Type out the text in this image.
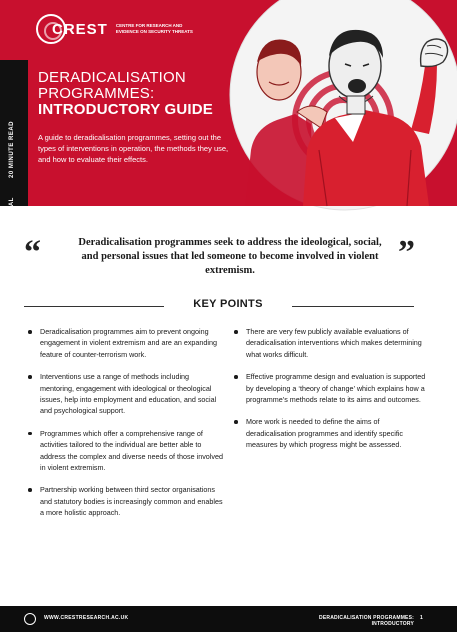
20 MINUTE READ
GENERAL
CREST CENTRE FOR RESEARCH AND EVIDENCE ON SECURITY THREATS
DERADICALISATION
PROGRAMMES:
INTRODUCTORY GUIDE

A guide to deradicalisation programmes, setting out the types of interventions in operation, the methods they use, and how to evaluate their effects.

“	Deradicalisation programmes seek to address the ideological, social, and personal issues that led someone to become involved in violent extremism.	”
KEY POINTS
Deradicalisation programmes aim to prevent ongoing engagement in violent extremism and are an expanding feature of counter-terrorism work.
Interventions use a range of methods including mentoring, engagement with ideological or theological issues, help into employment and education, and social and psychological support.
Programmes which offer a comprehensive range of activities tailored to the individual are better able to address the complex and diverse needs of those involved in violent extremism.
Partnership working between third sector organisations and statutory bodies is increasingly common and enables a more holistic approach.
There are very few publicly available evaluations of deradicalisation interventions which makes determining what works difficult.
Effective programme design and evaluation is supported by developing a ‘theory of change’ which explains how a programme’s methods relate to its aims and outcomes.
More work is needed to define the aims of deradicalisation programmes and identify specific measures by which progress might be assessed.
WWW.CRESTRESEARCH.AC.UK	DERADICALISATION PROGRAMMES: INTRODUCTORY
1
